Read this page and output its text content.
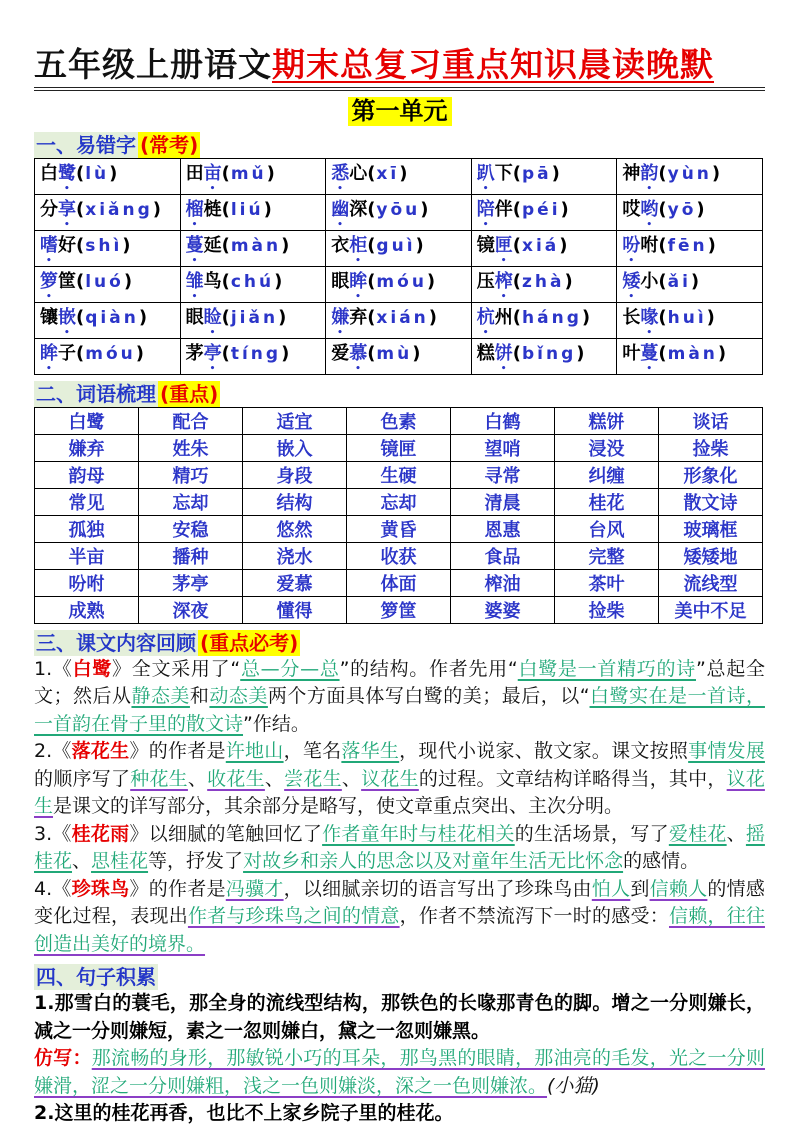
五年级上册语文期末总复习重点知识晨读晚默
第一单元
一、易错字 (常考)
白鹭(lù)	田亩(mǔ)	悉心(xī)	趴下(pā)	神韵(yùn)
分享(xiǎng)	榴梿(liú)	幽深(yōu)	陪伴(péi)	哎哟(yō)
嗜好(shì)	蔓延(màn)	衣柜(guì)	镜匣(xiá)	吩咐(fēn)
箩筐(luó)	雏鸟(chú)	眼眸(móu)	压榨(zhà)	矮小(ǎi)
镶嵌(qiàn)	眼睑(jiǎn)	嫌弃(xián)	杭州(háng)	长喙(huì)
眸子(móu)	茅亭(tíng)	爱慕(mù)	糕饼(bǐng)	叶蔓(màn)
二、词语梳理 (重点)
白鹭	配合	适宜	色素	白鹤	糕饼	谈话
嫌弃	姓朱	嵌入	镜匣	望哨	浸没	捡柴
韵母	精巧	身段	生硬	寻常	纠缠	形象化
常见	忘却	结构	忘却	清晨	桂花	散文诗
孤独	安稳	悠然	黄昏	恩惠	台风	玻璃框
半亩	播种	浇水	收获	食品	完整	矮矮地
吩咐	茅亭	爱慕	体面	榨油	茶叶	流线型
成熟	深夜	懂得	箩筐	婆婆	捡柴	美中不足
三、课文内容回顾 (重点必考)

1.《白鹭》全文采用了“总—分—总”的结构。作者先用“白鹭是一首精巧的诗”总起全文；然后从静态美和动态美两个方面具体写白鹭的美；最后，以“白鹭实在是一首诗，一首韵在骨子里的散文诗”作结。

2.《落花生》的作者是许地山，笔名落华生，现代小说家、散文家。课文按照事情发展的顺序写了种花生、收花生、尝花生、议花生的过程。文章结构详略得当，其中，议花生是课文的详写部分，其余部分是略写，使文章重点突出、主次分明。

3.《桂花雨》以细腻的笔触回忆了作者童年时与桂花相关的生活场景，写了爱桂花、摇桂花、思桂花等，抒发了对故乡和亲人的思念以及对童年生活无比怀念的感情。

4.《珍珠鸟》的作者是冯骥才，以细腻亲切的语言写出了珍珠鸟由怕人到信赖人的情感变化过程，表现出作者与珍珠鸟之间的情意，作者不禁流泻下一时的感受：信赖，往往创造出美好的境界。

四、句子积累

1.那雪白的蓑毛，那全身的流线型结构，那铁色的长喙那青色的脚。增之一分则嫌长，减之一分则嫌短，素之一忽则嫌白，黛之一忽则嫌黑。

仿写：那流畅的身形，那敏锐小巧的耳朵，那鸟黑的眼睛，那油亮的毛发，光之一分则嫌滑，涩之一分则嫌粗，浅之一色则嫌淡，深之一色则嫌浓。(小猫)

2.这里的桂花再香，也比不上家乡院子里的桂花。
